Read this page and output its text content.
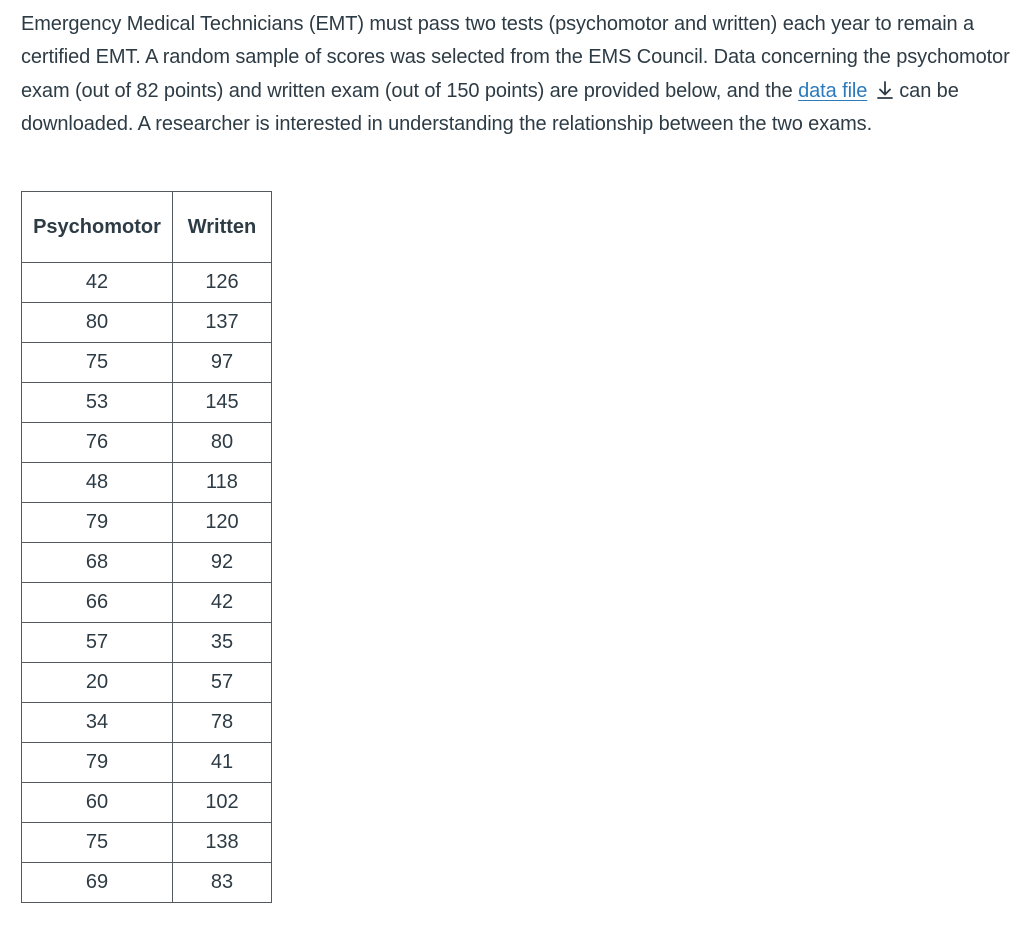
Emergency Medical Technicians (EMT) must pass two tests (psychomotor and written) each year to remain a certified EMT. A random sample of scores was selected from the EMS Council. Data concerning the psychomotor exam (out of 82 points) and written exam (out of 150 points) are provided below, and the data file can be downloaded. A researcher is interested in understanding the relationship between the two exams.

Psychomotor	Written
42	126
80	137
75	97
53	145
76	80
48	118
79	120
68	92
66	42
57	35
20	57
34	78
79	41
60	102
75	138
69	83
